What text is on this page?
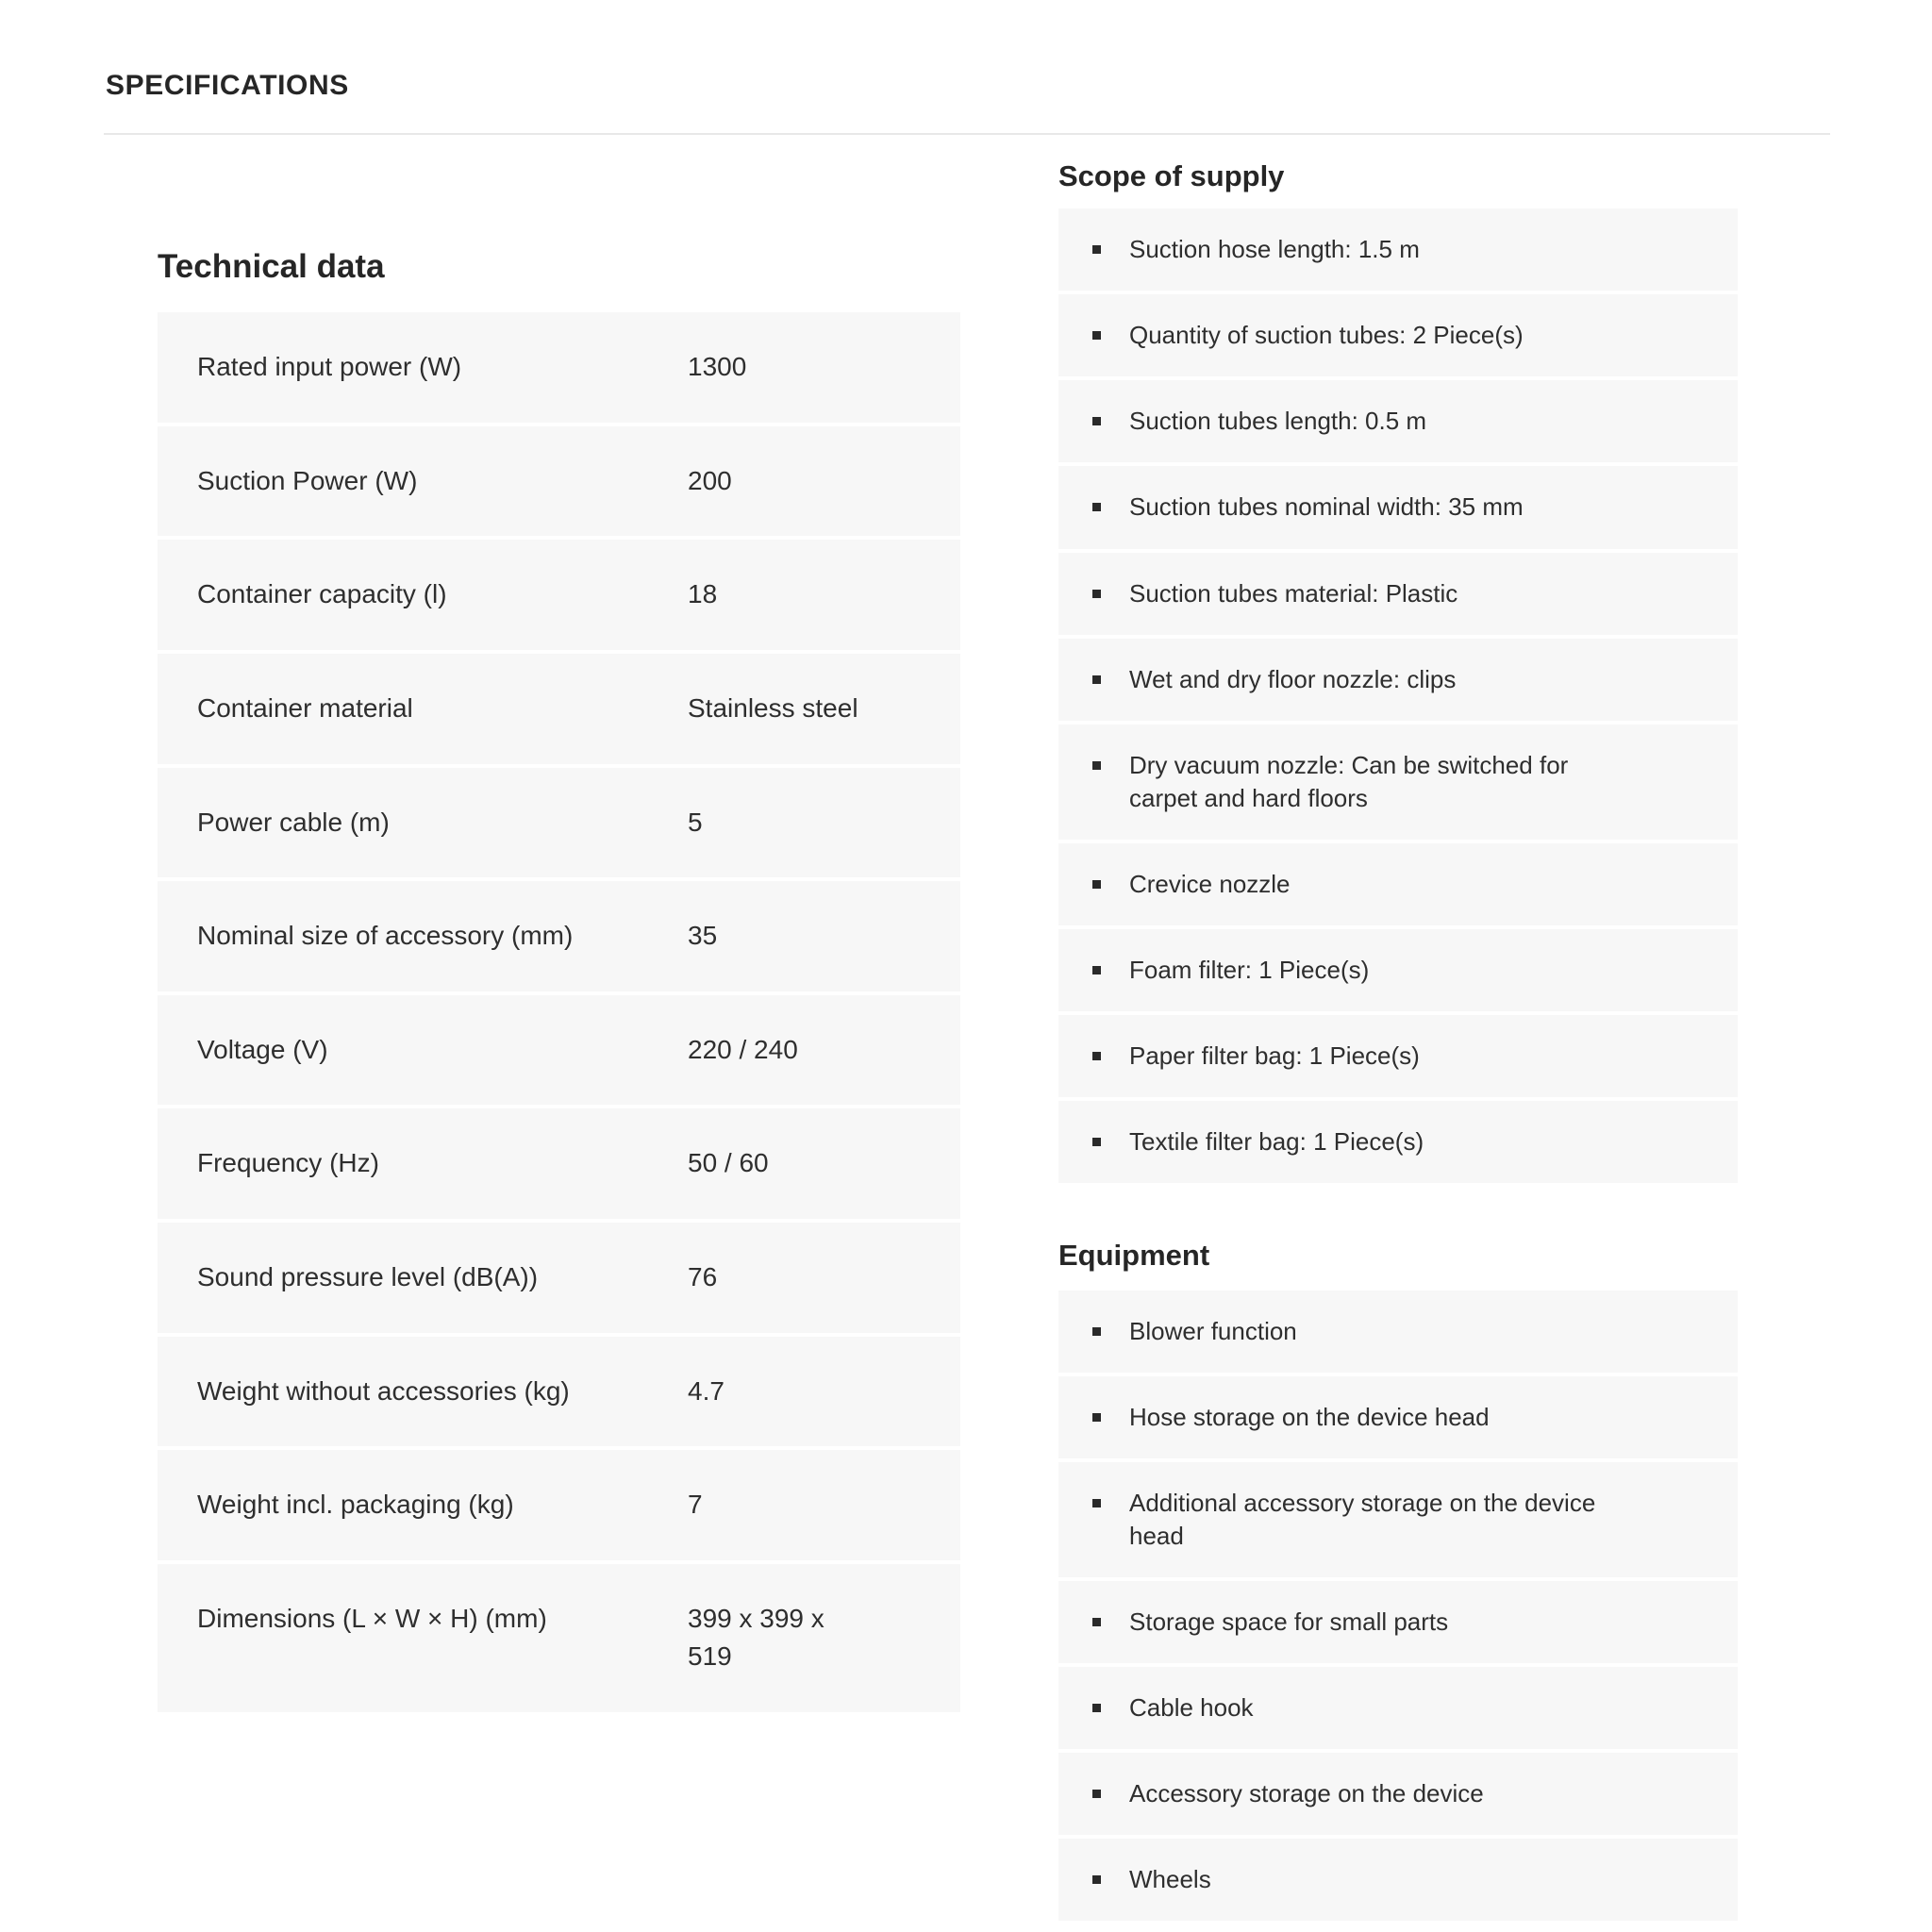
SPECIFICATIONS
Technical data
Rated input power (W)	1300
Suction Power (W)	200
Container capacity (l)	18
Container material	Stainless steel
Power cable (m)	5
Nominal size of accessory (mm)	35
Voltage (V)	220 / 240
Frequency (Hz)	50 / 60
Sound pressure level (dB(A))	76
Weight without accessories (kg)	4.7
Weight incl. packaging (kg)	7
Dimensions (L × W × H) (mm)	399 x 399 x 519
Scope of supply
Suction hose length: 1.5 m
Quantity of suction tubes: 2 Piece(s)
Suction tubes length: 0.5 m
Suction tubes nominal width: 35 mm
Suction tubes material: Plastic
Wet and dry floor nozzle: clips
Dry vacuum nozzle: Can be switched for carpet and hard floors
Crevice nozzle
Foam filter: 1 Piece(s)
Paper filter bag: 1 Piece(s)
Textile filter bag: 1 Piece(s)
Equipment
Blower function
Hose storage on the device head
Additional accessory storage on the device head
Storage space for small parts
Cable hook
Accessory storage on the device
Wheels
